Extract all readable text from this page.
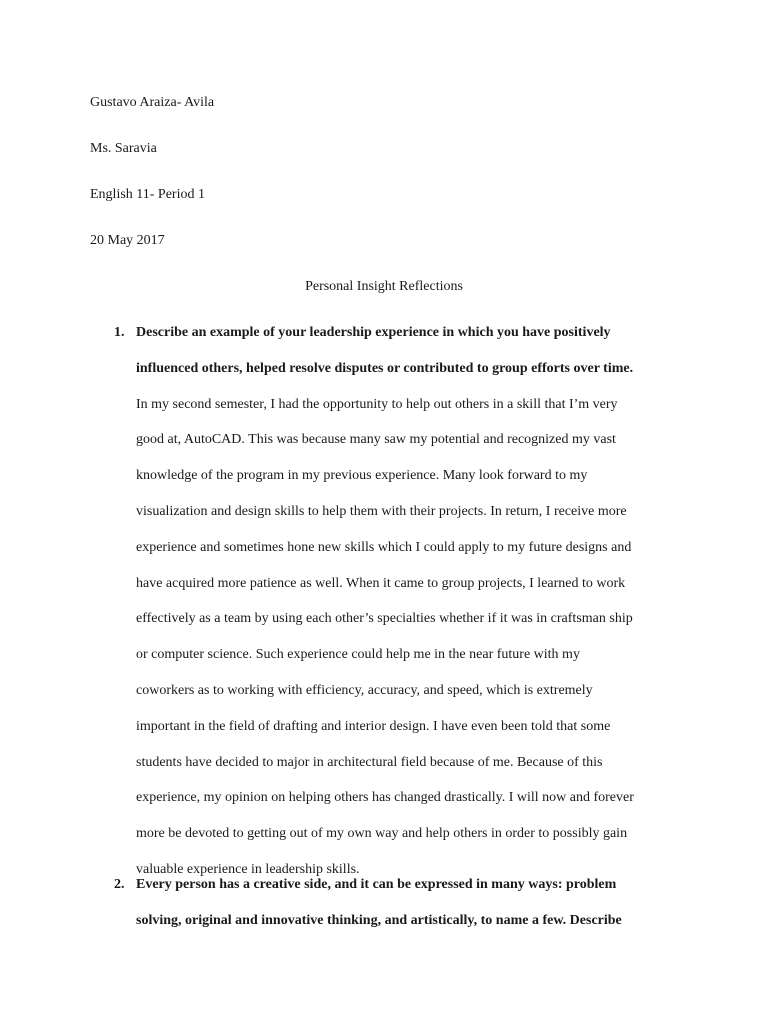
Gustavo Araiza- Avila

Ms. Saravia

English 11- Period 1

20 May 2017

Personal Insight Reflections
1. Describe an example of your leadership experience in which you have positively

influenced others, helped resolve disputes or contributed to group efforts over time.

In my second semester, I had the opportunity to help out others in a skill that I’m very

good at, AutoCAD. This was because many saw my potential and recognized my vast

knowledge of the program in my previous experience. Many look forward to my

visualization and design skills to help them with their projects. In return, I receive more

experience and sometimes hone new skills which I could apply to my future designs and

have acquired more patience as well. When it came to group projects, I learned to work

effectively as a team by using each other’s specialties whether if it was in craftsman ship

or computer science. Such experience could help me in the near future with my

coworkers as to working with efficiency, accuracy, and speed, which is extremely

important in the field of drafting and interior design. I have even been told that some

students have decided to major in architectural field because of me. Because of this

experience, my opinion on helping others has changed drastically. I will now and forever

more be devoted to getting out of my own way and help others in order to possibly gain

valuable experience in leadership skills.

2. Every person has a creative side, and it can be expressed in many ways: problem

solving, original and innovative thinking, and artistically, to name a few. Describe
